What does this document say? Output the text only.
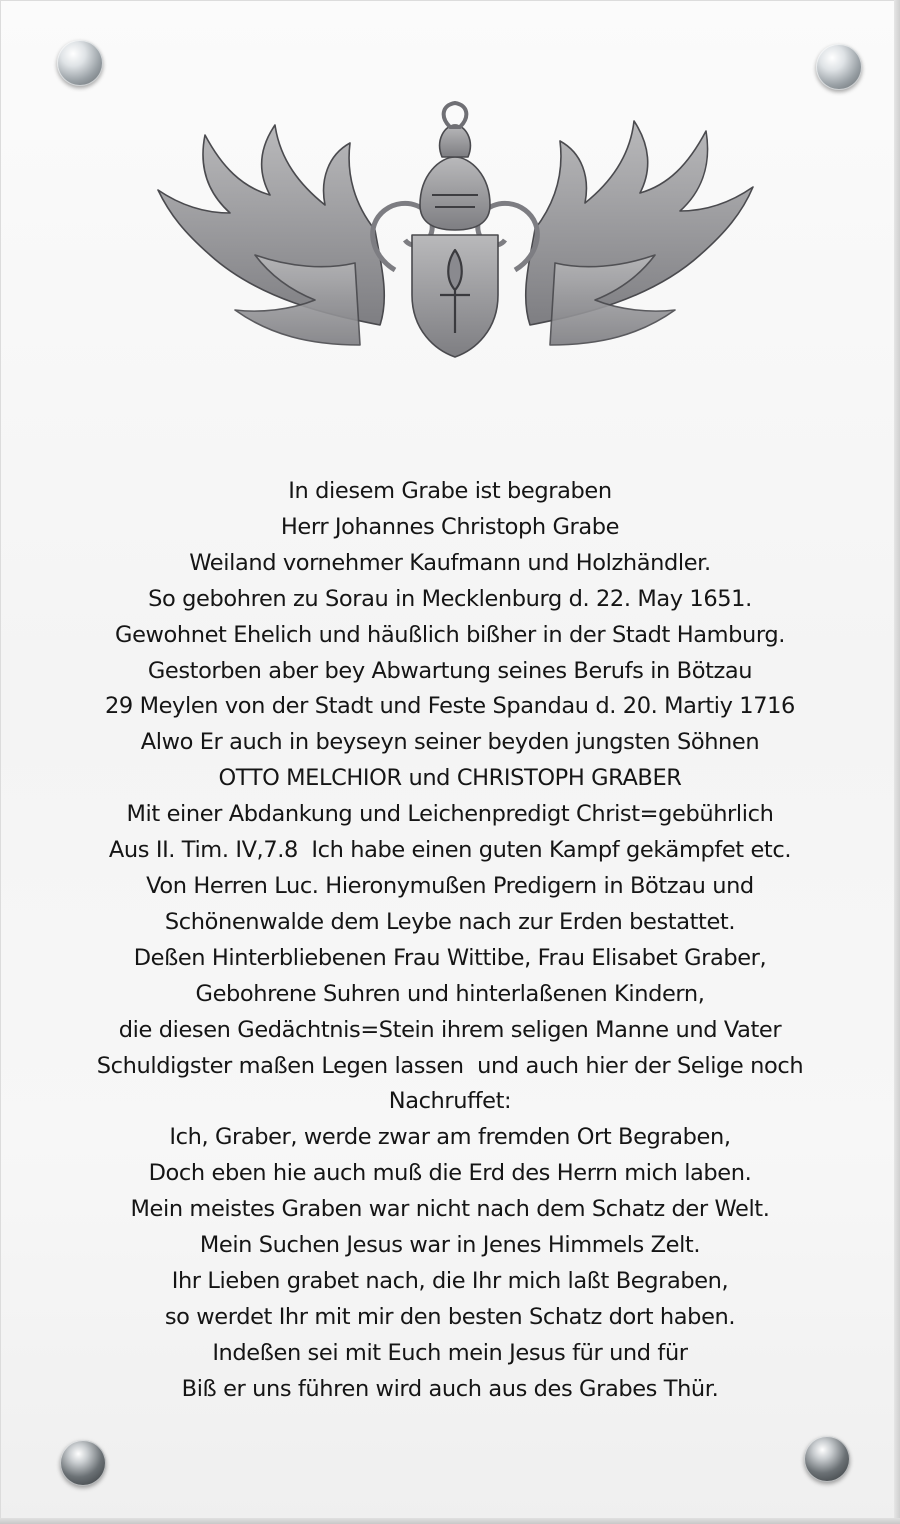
In diesem Grabe ist begraben
Herr Johannes Christoph Grabe
Weiland vornehmer Kaufmann und Holzhändler.
So gebohren zu Sorau in Mecklenburg d. 22. May 1651.
Gewohnet Ehelich und häußlich bißher in der Stadt Hamburg.
Gestorben aber bey Abwartung seines Berufs in Bötzau
29 Meylen von der Stadt und Feste Spandau d. 20. Martiy 1716
Alwo Er auch in beyseyn seiner beyden jungsten Söhnen
OTTO MELCHIOR und CHRISTOPH GRABER
Mit einer Abdankung und Leichenpredigt Christ=gebührlich
Aus II. Tim. IV,7.8  Ich habe einen guten Kampf gekämpfet etc.
Von Herren Luc. Hieronymußen Predigern in Bötzau und
Schönenwalde dem Leybe nach zur Erden bestattet.
Deßen Hinterbliebenen Frau Wittibe, Frau Elisabet Graber,
Gebohrene Suhren und hinterlaßenen Kindern,
die diesen Gedächtnis=Stein ihrem seligen Manne und Vater
Schuldigster maßen Legen lassen  und auch hier der Selige noch
Nachruffet:
Ich, Graber, werde zwar am fremden Ort Begraben,
Doch eben hie auch muß die Erd des Herrn mich laben.
Mein meistes Graben war nicht nach dem Schatz der Welt.
Mein Suchen Jesus war in Jenes Himmels Zelt.
Ihr Lieben grabet nach, die Ihr mich laßt Begraben,
so werdet Ihr mit mir den besten Schatz dort haben.
Indeßen sei mit Euch mein Jesus für und für
Biß er uns führen wird auch aus des Grabes Thür.
